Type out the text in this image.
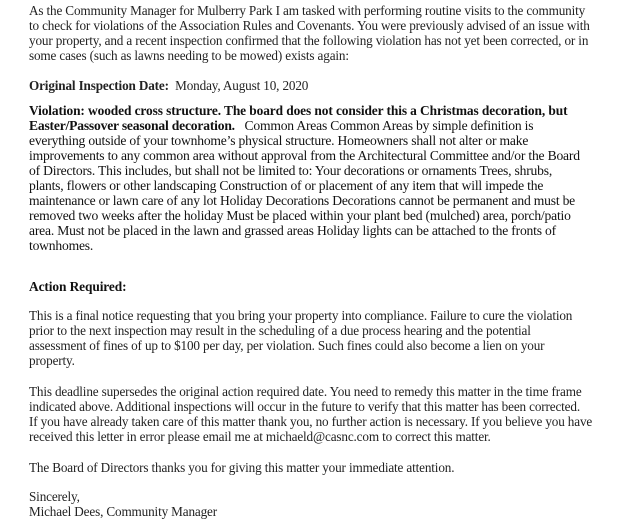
As the Community Manager for Mulberry Park I am tasked with performing routine visits to the community
to check for violations of the Association Rules and Covenants. You were previously advised of an issue with
your property, and a recent inspection confirmed that the following violation has not yet been corrected, or in
some cases (such as lawns needing to be mowed) exists again:
Original Inspection Date: Monday, August 10, 2020
Violation: wooded cross structure. The board does not consider this a Christmas decoration, but
Easter/Passover seasonal decoration. Common Areas Common Areas by simple definition is
everything outside of your townhome’s physical structure. Homeowners shall not alter or make
improvements to any common area without approval from the Architectural Committee and/or the Board
of Directors. This includes, but shall not be limited to: Your decorations or ornaments Trees, shrubs,
plants, flowers or other landscaping Construction of or placement of any item that will impede the
maintenance or lawn care of any lot Holiday Decorations Decorations cannot be permanent and must be
removed two weeks after the holiday Must be placed within your plant bed (mulched) area, porch/patio
area. Must not be placed in the lawn and grassed areas Holiday lights can be attached to the fronts of
townhomes.
Action Required:
This is a final notice requesting that you bring your property into compliance. Failure to cure the violation
prior to the next inspection may result in the scheduling of a due process hearing and the potential
assessment of fines of up to $100 per day, per violation. Such fines could also become a lien on your
property.
This deadline supersedes the original action required date. You need to remedy this matter in the time frame
indicated above. Additional inspections will occur in the future to verify that this matter has been corrected.
If you have already taken care of this matter thank you, no further action is necessary. If you believe you have
received this letter in error please email me at michaeld@casnc.com to correct this matter.
The Board of Directors thanks you for giving this matter your immediate attention.
Sincerely,
Michael Dees, Community Manager
